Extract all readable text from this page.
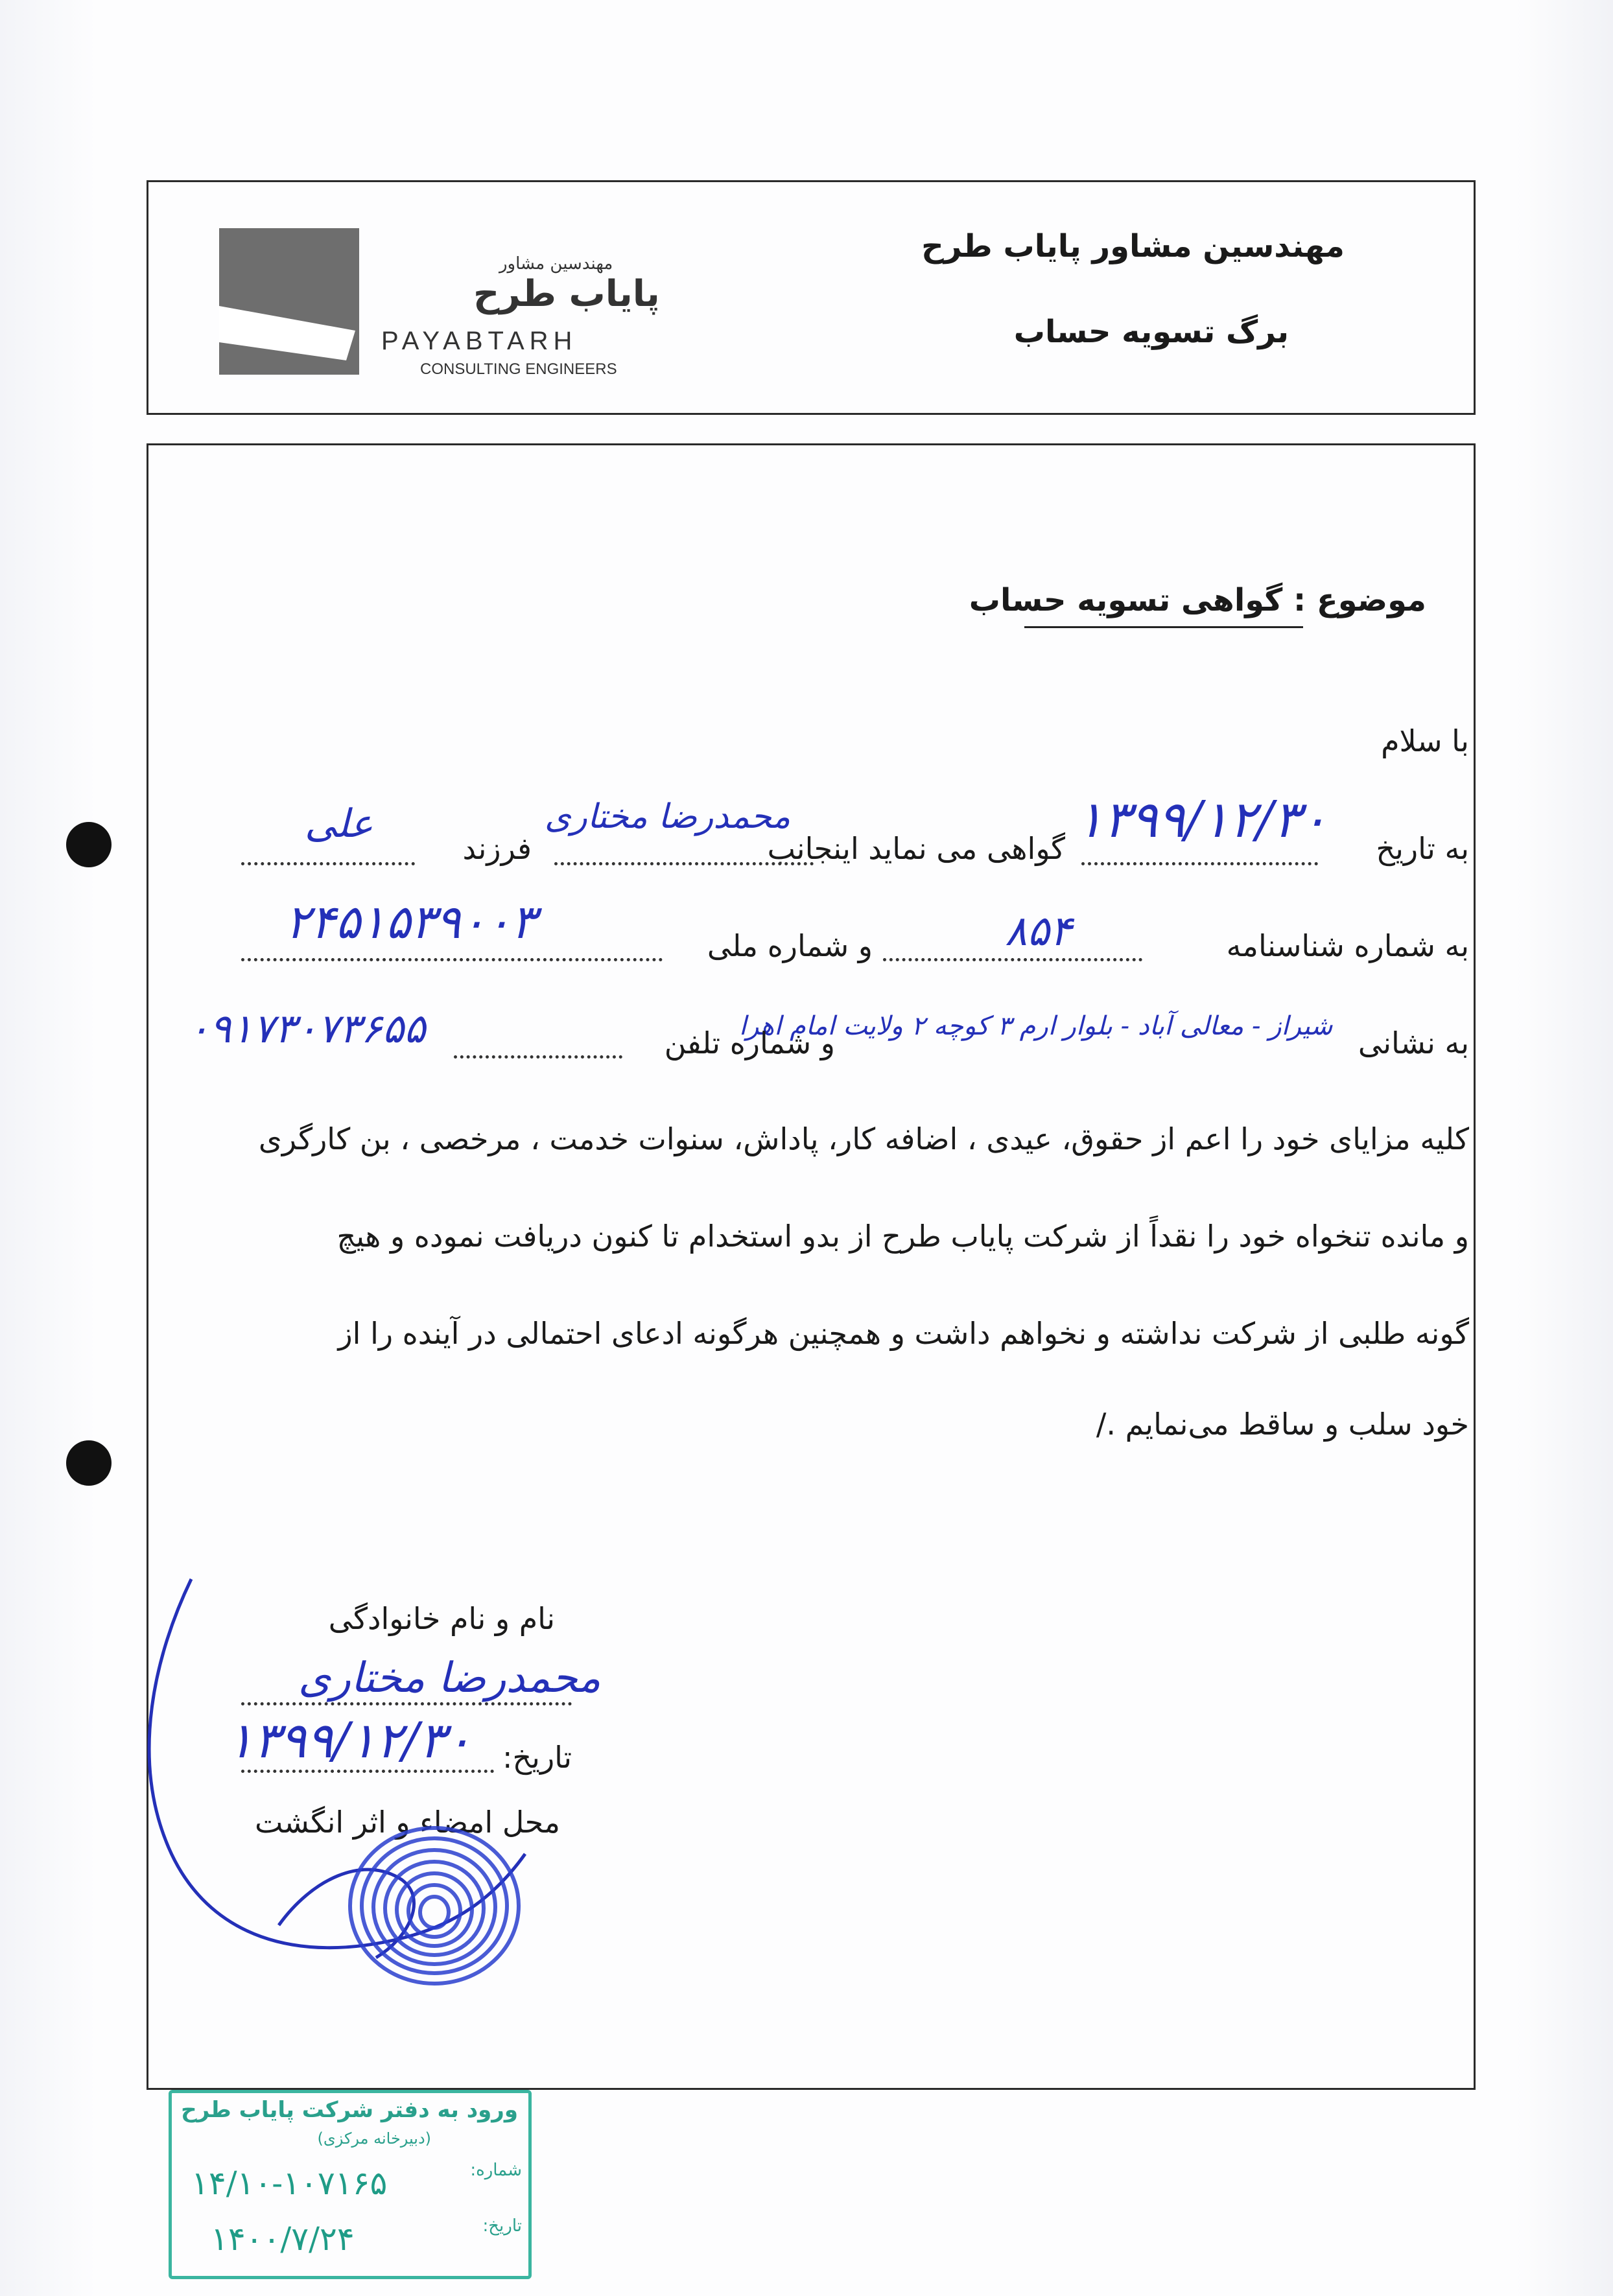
مهندسین مشاور
پایاب طرح
PAYABTARH
CONSULTING ENGINEERS
مهندسین مشاور پایاب طرح
برگ تسویه حساب
موضوع : گواهی تسویه حساب
با سلام
به تاریخ
۱۳۹۹/۱۲/۳۰
گواهی می نماید اینجانب
محمدرضا مختاری
فرزند
علی
به شماره شناسنامه
۸۵۴
و شماره ملی
۲۴۵۱۵۳۹۰۰۳
به نشانی
شیراز - معالی آباد - بلوار ارم ۳ کوچه ۲ ولایت امام اهرا
و شماره تلفن
۰۹۱۷۳۰۷۳۶۵۵
کلیه مزایای خود را اعم از حقوق، عیدی ، اضافه کار، پاداش، سنوات خدمت ، مرخصی ، بن کارگری
و مانده تنخواه خود را نقداً از شرکت پایاب طرح از بدو استخدام تا کنون دریافت نموده و هیچ
گونه طلبی از شرکت نداشته و نخواهم داشت و همچنین هرگونه ادعای احتمالی در آینده را از
خود سلب و ساقط می‌نمایم ./
نام و نام خانوادگی
محمدرضا مختاری
تاریخ:
۱۳۹۹/۱۲/۳۰
محل امضاء و اثر انگشت
ورود به دفتر شرکت پایاب طرح
(دبیرخانه مرکزی)
شماره:
۱۴/۱۰-۱۰۷۱۶۵
تاریخ:
۱۴۰۰/۷/۲۴
